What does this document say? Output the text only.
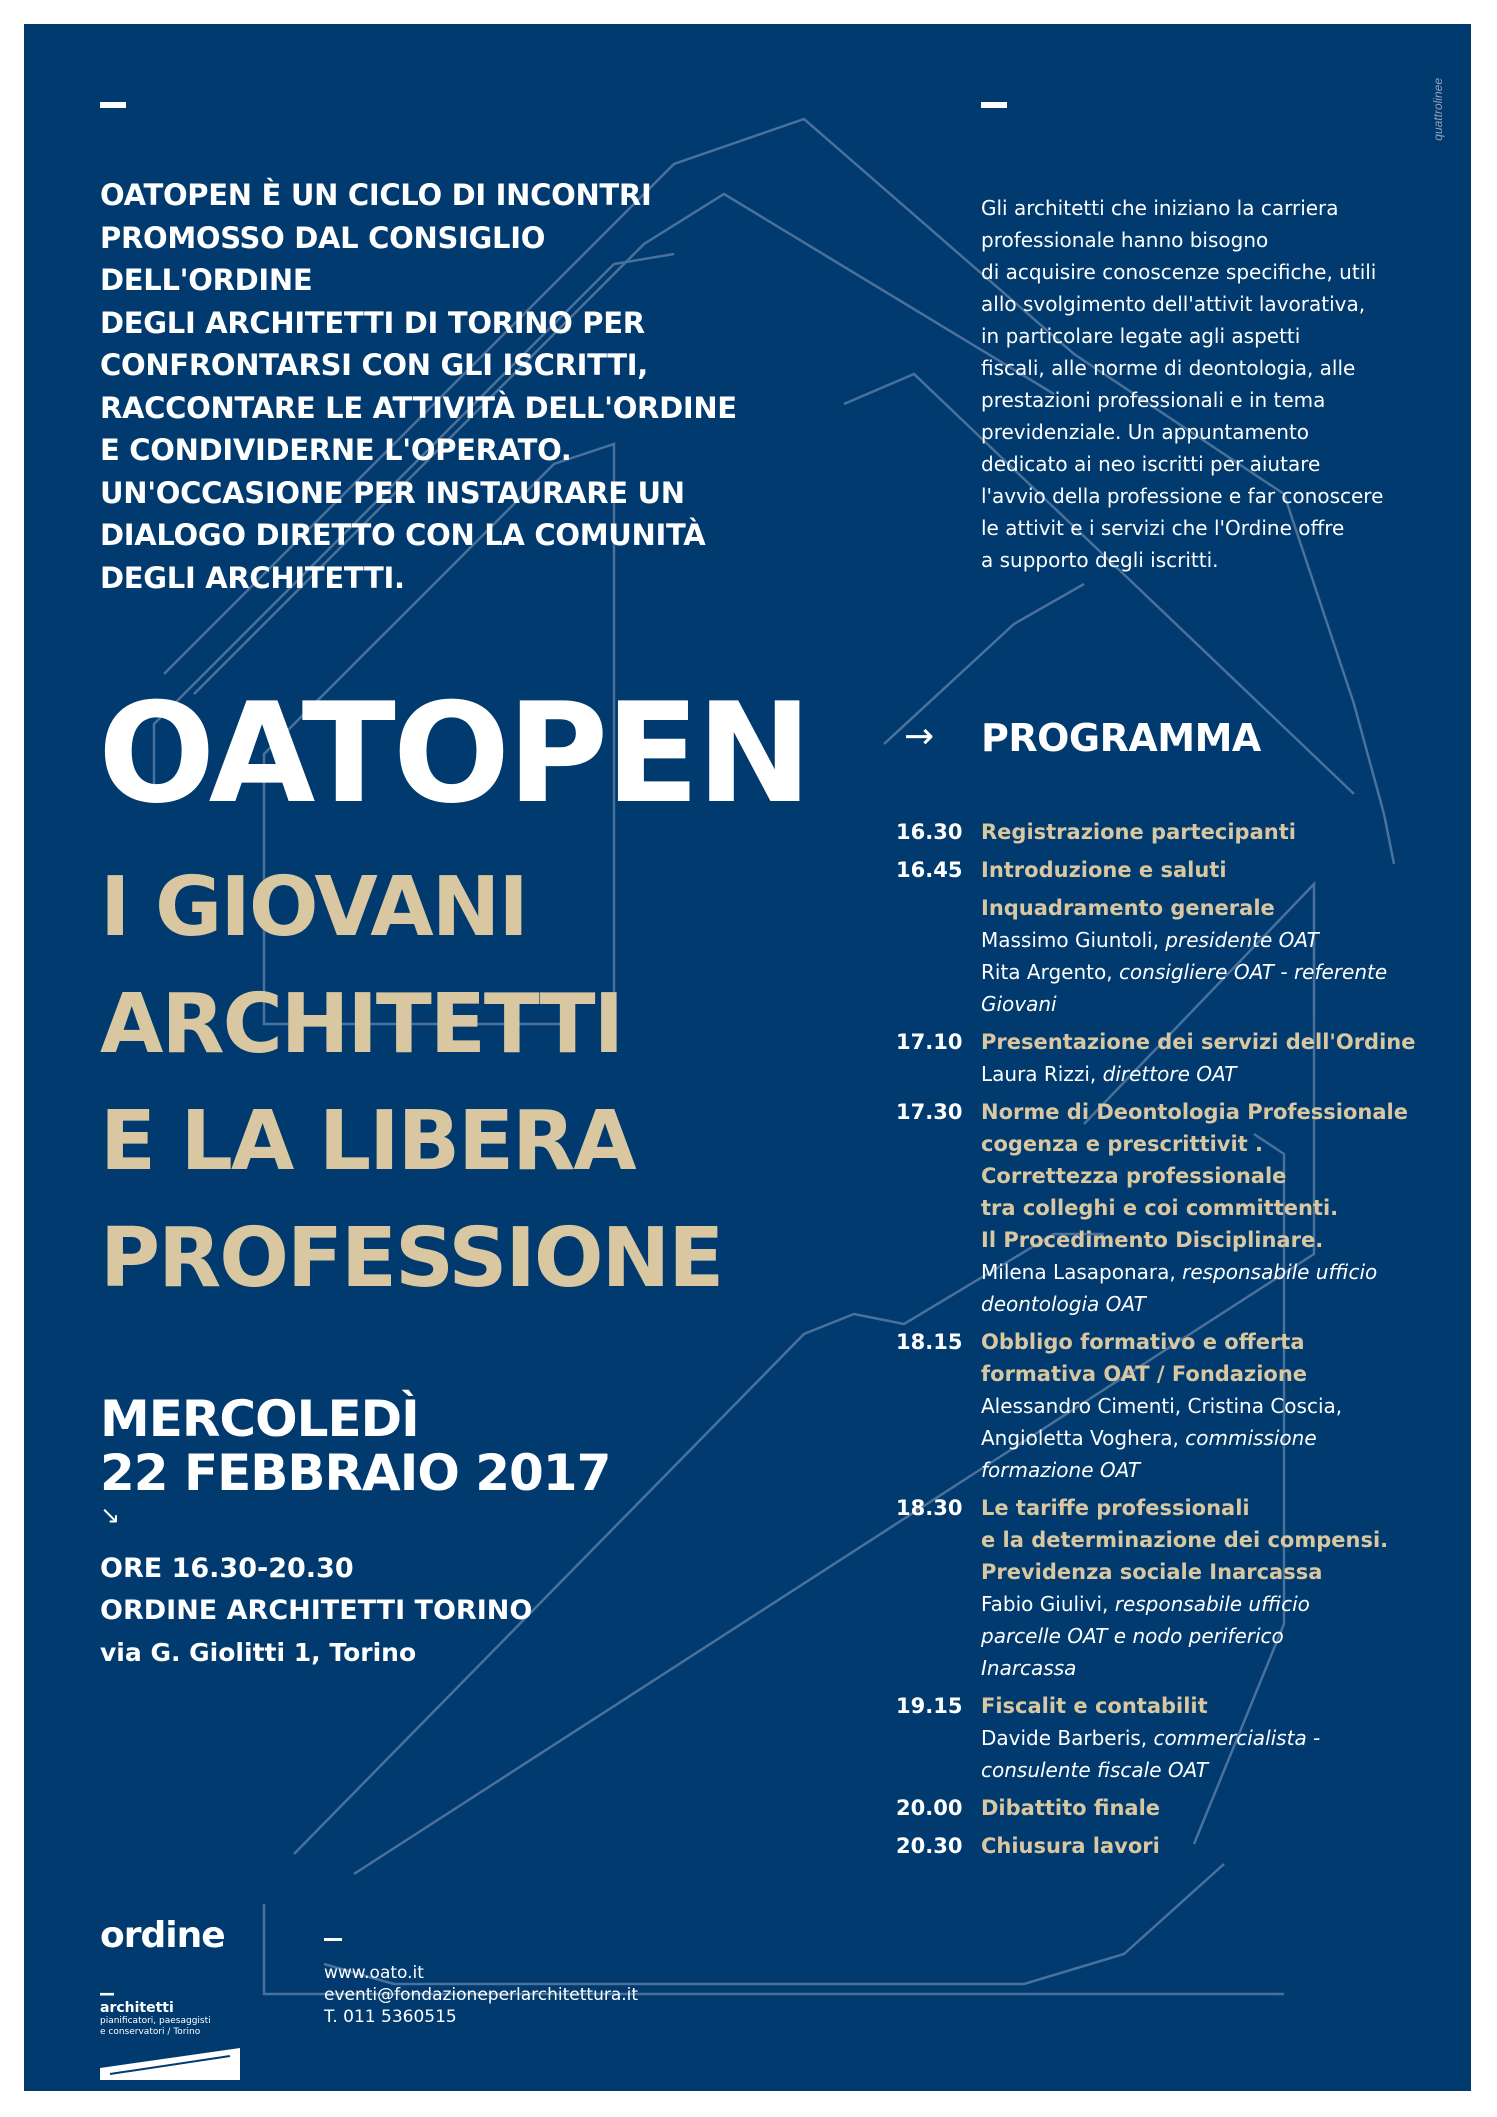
quattrolinee
OATOPEN È UN CICLO DI INCONTRI
PROMOSSO DAL CONSIGLIO DELL'ORDINE
DEGLI ARCHITETTI DI TORINO PER
CONFRONTARSI CON GLI ISCRITTI,
RACCONTARE LE ATTIVITÀ DELL'ORDINE
E CONDIVIDERNE L'OPERATO.
UN'OCCASIONE PER INSTAURARE UN
DIALOGO DIRETTO CON LA COMUNITÀ
DEGLI ARCHITETTI.
Gli architetti che iniziano la carriera
professionale hanno bisogno
di acquisire conoscenze specifiche, utili
allo svolgimento dell'attivit lavorativa,
in particolare legate agli aspetti
fiscali, alle norme di deontologia, alle
prestazioni professionali e in tema
previdenziale. Un appuntamento
dedicato ai neo iscritti per aiutare
l'avvio della professione e far conoscere
le attivit e i servizi che l'Ordine offre
a supporto degli iscritti.
OATOPEN
I GIOVANI
ARCHITETTI
E LA LIBERA
PROFESSIONE
MERCOLEDÌ
22 FEBBRAIO 2017
↘
ORE 16.30-20.30
ORDINE ARCHITETTI TORINO
via G. Giolitti 1, Torino
→ PROGRAMMA
16.30 Registrazione partecipanti
16.45 Introduzione e saluti
Inquadramento generale
Massimo Giuntoli, presidente OAT
Rita Argento, consigliere OAT - referente
Giovani
17.10 Presentazione dei servizi dell'Ordine
Laura Rizzi, direttore OAT
17.30 Norme di Deontologia Professionale
cogenza e prescrittivit .
Correttezza professionale
tra colleghi e coi committenti.
Il Procedimento Disciplinare.
Milena Lasaponara, responsabile ufficio
deontologia OAT
18.15 Obbligo formativo e offerta
formativa OAT / Fondazione
Alessandro Cimenti, Cristina Coscia,
Angioletta Voghera, commissione
formazione OAT
18.30 Le tariffe professionali
e la determinazione dei compensi.
Previdenza sociale Inarcassa
Fabio Giulivi, responsabile ufficio
parcelle OAT e nodo periferico
Inarcassa
19.15 Fiscalit e contabilit
Davide Barberis, commercialista -
consulente fiscale OAT
20.00 Dibattito finale
20.30 Chiusura lavori
ordine _
architetti
pianificatori, paesaggisti
e conservatori / Torino
www.oato.it
eventi@fondazioneperlarchitettura.it
T. 011 5360515
